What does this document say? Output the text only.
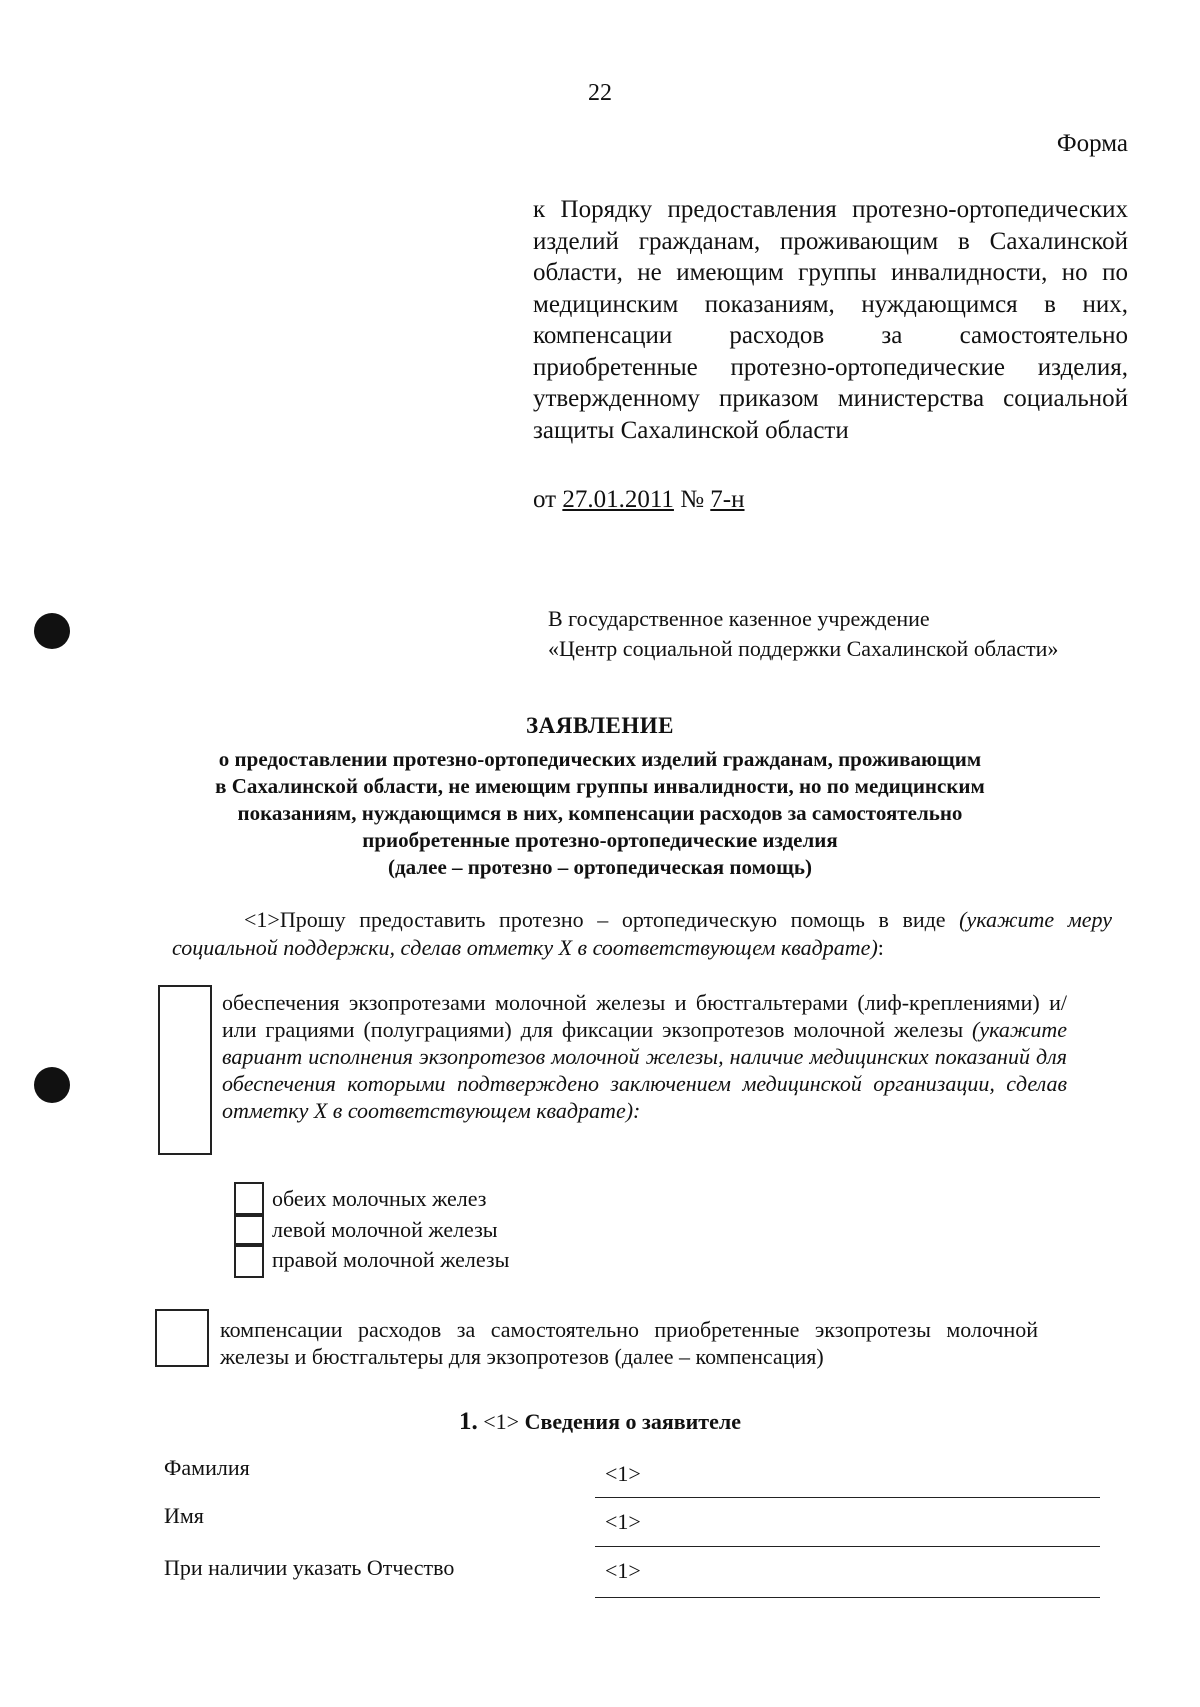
22
Форма
к Порядку предоставления протезно-ортопедических изделий гражданам, проживающим в Сахалинской области, не имеющим группы инвалидности, но по медицинским показаниям, нуждающимся в них, компенсации расходов за самостоятельно приобретенные протезно-ортопедические изделия, утвержденному приказом министерства социальной защиты Сахалинской области
от 27.01.2011 № 7-н
В государственное казенное учреждение
«Центр социальной поддержки Сахалинской области»
ЗАЯВЛЕНИЕ
о предоставлении протезно-ортопедических изделий гражданам, проживающим
в Сахалинской области, не имеющим группы инвалидности, но по медицинским
показаниям, нуждающимся в них, компенсации расходов за самостоятельно
приобретенные протезно-ортопедические изделия
(далее – протезно – ортопедическая помощь)
<1>Прошу предоставить протезно – ортопедическую помощь в виде (укажите меру социальной поддержки, сделав отметку X в соответствующем квадрате):
обеспечения экзопротезами молочной железы и бюстгальтерами (лиф-креплениями) и/или грациями (полуграциями) для фиксации экзопротезов молочной железы (укажите вариант исполнения экзопротезов молочной железы, наличие медицинских показаний для обеспечения которыми подтверждено заключением медицинской организации, сделав отметку X в соответствующем квадрате):
обеих молочных желез
левой молочной железы
правой молочной железы
компенсации расходов за самостоятельно приобретенные экзопротезы молочной железы и бюстгальтеры для экзопротезов (далее – компенсация)
1. <1> Сведения о заявителе
Фамилия	<1>
Имя	<1>
При наличии указать Отчество	<1>
